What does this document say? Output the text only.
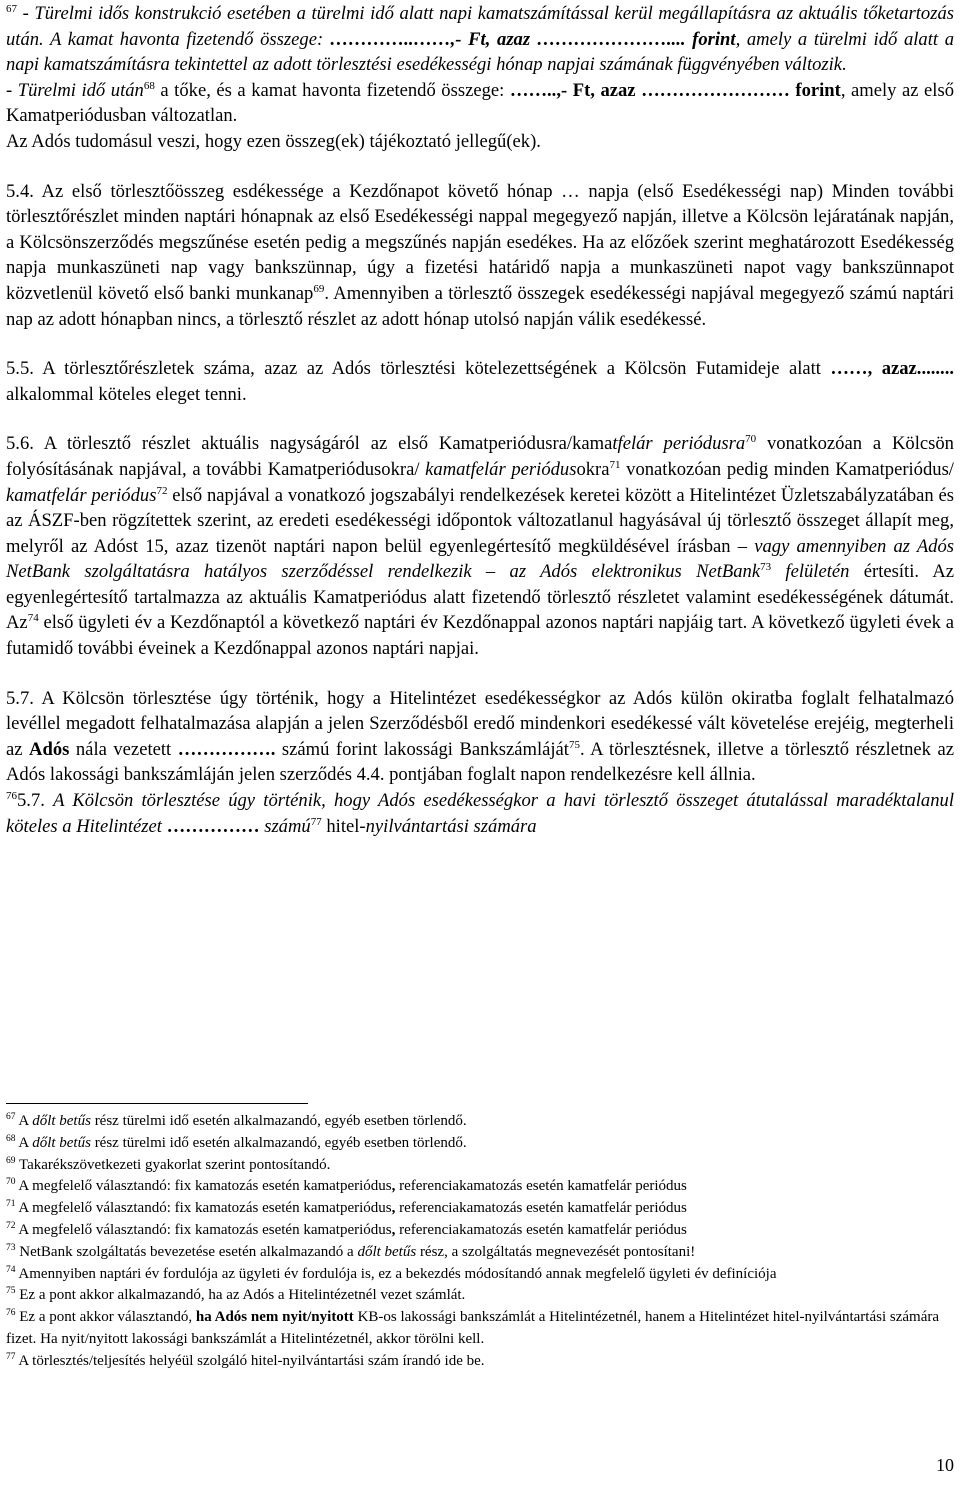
$^{67}$ - Türelmi idős konstrukció esetében a türelmi idő alatt napi kamatszámítással kerül megállapításra az aktuális tőketartozás után. A kamat havonta fizetendő összege: …………..……,- Ft, azaz ………………….... forint, amely a türelmi idő alatt a napi kamatszámításra tekintettel az adott törlesztési esedékességi hónap napjai számának függvényében változik.

- Türelmi idő után$^{68}$ a tőke, és a kamat havonta fizetendő összege: ……..,- Ft, azaz …………………… forint, amely az első Kamatperiódusban változatlan.

Az Adós tudomásul veszi, hogy ezen összeg(ek) tájékoztató jellegű(ek).

5.4. Az első törlesztőösszeg esdékessége a Kezdőnapot követő hónap … napja (első Esedékességi nap) Minden további törlesztőrészlet minden naptári hónapnak az első Esedékességi nappal megegyező napján, illetve a Kölcsön lejáratának napján, a Kölcsönszerződés megszűnése esetén pedig a megszűnés napján esedékes. Ha az előzőek szerint meghatározott Esedékesség napja munkaszüneti nap vagy bankszünnap, úgy a fizetési határidő napja a munkaszüneti napot vagy bankszünnapot közvetlenül követő első banki munkanap$^{69}$. Amennyiben a törlesztő összegek esedékességi napjával megegyező számú naptári nap az adott hónapban nincs, a törlesztő részlet az adott hónap utolsó napján válik esedékessé.

5.5. A törlesztőrészletek száma, azaz az Adós törlesztési kötelezettségének a Kölcsön Futamideje alatt ……, azaz........ alkalommal köteles eleget tenni.

5.6. A törlesztő részlet aktuális nagyságáról az első Kamatperiódusra/kamatfelár periódusra$^{70}$ vonatkozóan a Kölcsön folyósításának napjával, a további Kamatperiódusokra/ kamatfelár periódusokra$^{71}$ vonatkozóan pedig minden Kamatperiódus/ kamatfelár periódus$^{72}$ első napjával a vonatkozó jogszabályi rendelkezések keretei között a Hitelintézet Üzletszabályzatában és az ÁSZF-ben rögzítettek szerint, az eredeti esedékességi időpontok változatlanul hagyásával új törlesztő összeget állapít meg, melyről az Adóst 15, azaz tizenöt naptári napon belül egyenlegértesítő megküldésével írásban – vagy amennyiben az Adós NetBank szolgáltatásra hatályos szerződéssel rendelkezik – az Adós elektronikus NetBank$^{73}$ felületén értesíti. Az egyenlegértesítő tartalmazza az aktuális Kamatperiódus alatt fizetendő törlesztő részletet valamint esedékességének dátumát. Az$^{74}$ első ügyleti év a Kezdőnaptól a következő naptári év Kezdőnappal azonos naptári napjáig tart. A következő ügyleti évek a futamidő további éveinek a Kezdőnappal azonos naptári napjai.

5.7. A Kölcsön törlesztése úgy történik, hogy a Hitelintézet esedékességkor az Adós külön okiratba foglalt felhatalmazó levéllel megadott felhatalmazása alapján a jelen Szerződésből eredő mindenkori esedékessé vált követelése erejéig, megterheli az Adós nála vezetett ……………. számú forint lakossági Bankszámláját$^{75}$. A törlesztésnek, illetve a törlesztő részletnek az Adós lakossági bankszámláján jelen szerződés 4.4. pontjában foglalt napon rendelkezésre kell állnia.

$^{76}$5.7. A Kölcsön törlesztése úgy történik, hogy Adós esedékességkor a havi törlesztő összeget átutalással maradéktalanul köteles a Hitelintézet …………… számú$^{77}$ hitel-nyilvántartási számára

$^{67}$ A dőlt betűs rész türelmi idő esetén alkalmazandó, egyéb esetben törlendő.

$^{68}$ A dőlt betűs rész türelmi idő esetén alkalmazandó, egyéb esetben törlendő.

$^{69}$ Takarékszövetkezeti gyakorlat szerint pontosítandó.

$^{70}$ A megfelelő választandó: fix kamatozás esetén kamatperiódus, referenciakamatozás esetén kamatfelár periódus

$^{71}$ A megfelelő választandó: fix kamatozás esetén kamatperiódus, referenciakamatozás esetén kamatfelár periódus

$^{72}$ A megfelelő választandó: fix kamatozás esetén kamatperiódus, referenciakamatozás esetén kamatfelár periódus

$^{73}$ NetBank szolgáltatás bevezetése esetén alkalmazandó a dőlt betűs rész, a szolgáltatás megnevezését pontosítani!

$^{74}$ Amennyiben naptári év fordulója az ügyleti év fordulója is, ez a bekezdés módosítandó annak megfelelő ügyleti év definíciója

$^{75}$ Ez a pont akkor alkalmazandó, ha az Adós a Hitelintézetnél vezet számlát.

$^{76}$ Ez a pont akkor választandó, ha Adós nem nyit/nyitott KB-os lakossági bankszámlát a Hitelintézetnél, hanem a Hitelintézet hitel-nyilvántartási számára fizet. Ha nyit/nyitott lakossági bankszámlát a Hitelintézetnél, akkor törölni kell.

$^{77}$ A törlesztés/teljesítés helyéül szolgáló hitel-nyilvántartási szám írandó ide be.

10
